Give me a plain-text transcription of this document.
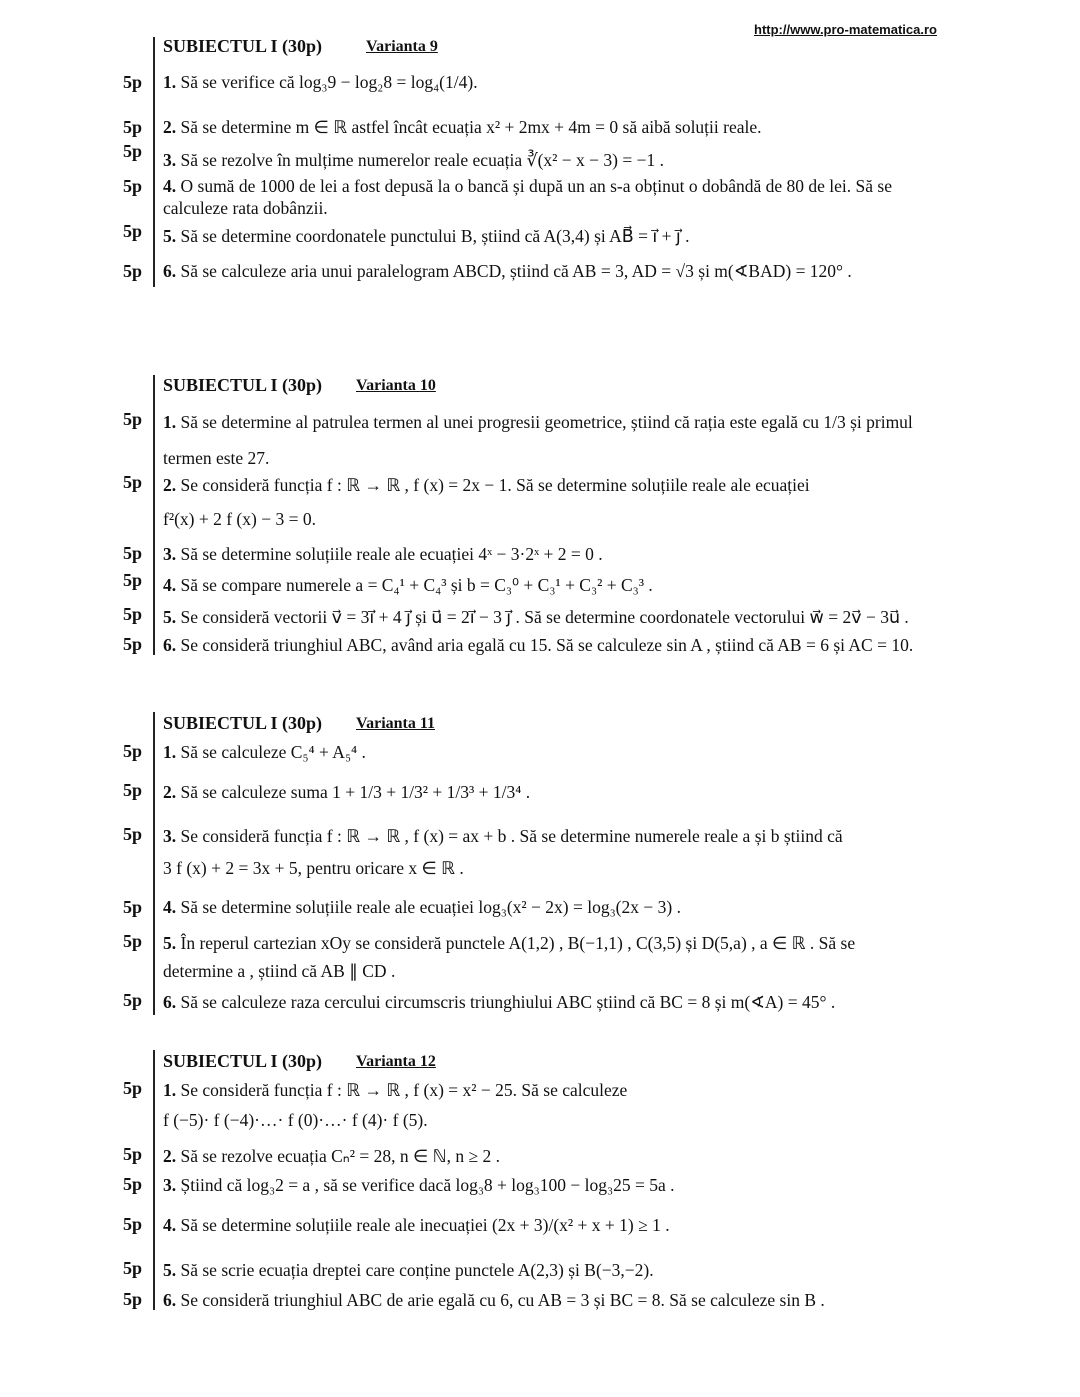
http://www.pro-matematica.ro
SUBIECTUL I (30p)	Varianta 9
5p 1. Să se verifice că log₃9 − log₂8 = log₄(1/4).
5p 2. Să se determine m ∈ ℝ astfel încât ecuația x² + 2mx + 4m = 0 să aibă soluții reale.
5p 3. Să se rezolve în mulțime numerelor reale ecuația ∛(x² − x − 3) = −1 .
5p 4. O sumă de 1000 de lei a fost depusă la o bancă și după un an s-a obținut o dobândă de 80 de lei. Să se
calculeze rata dobânzii.
5p 5. Să se determine coordonatele punctului B, știind că A(3,4) și AB⃗ = i⃗ + j⃗ .
5p 6. Să se calculeze aria unui paralelogram ABCD, știind că AB = 3, AD = √3 și m(∢BAD) = 120° .
SUBIECTUL I (30p) Varianta 10
5p 1. Să se determine al patrulea termen al unei progresii geometrice, știind că rația este egală cu 1/3 și primul
termen este 27.
5p 2. Se consideră funcția f : ℝ → ℝ , f (x) = 2x − 1. Să se determine soluțiile reale ale ecuației
f²(x) + 2 f (x) − 3 = 0.
5p 3. Să se determine soluțiile reale ale ecuației 4ˣ − 3·2ˣ + 2 = 0 .
5p 4. Să se compare numerele a = C₄¹ + C₄³ și b = C₃⁰ + C₃¹ + C₃² + C₃³ .
5p 5. Se consideră vectorii v⃗ = 3i⃗ + 4 j⃗ și u⃗ = 2i⃗ − 3 j⃗ . Să se determine coordonatele vectorului w⃗ = 2v⃗ − 3u⃗ .
5p 6. Se consideră triunghiul ABC, având aria egală cu 15. Să se calculeze sin A , știind că AB = 6 și AC = 10.
SUBIECTUL I (30p) Varianta 11
5p 1. Să se calculeze C₅⁴ + A₅⁴ .
5p 2. Să se calculeze suma 1 + 1/3 + 1/3² + 1/3³ + 1/3⁴ .
5p 3. Se consideră funcția f : ℝ → ℝ , f (x) = ax + b . Să se determine numerele reale a și b știind că
3 f (x) + 2 = 3x + 5, pentru oricare x ∈ ℝ .
5p 4. Să se determine soluțiile reale ale ecuației log₃(x² − 2x) = log₃(2x − 3) .
5p 5. În reperul cartezian xOy se consideră punctele A(1,2) , B(−1,1) , C(3,5) și D(5,a) , a ∈ ℝ . Să se
determine a , știind că AB ∥ CD .
5p 6. Să se calculeze raza cercului circumscris triunghiului ABC știind că BC = 8 și m(∢A) = 45° .
SUBIECTUL I (30p) Varianta 12
5p 1. Se consideră funcția f : ℝ → ℝ , f (x) = x² − 25. Să se calculeze
f (−5)· f (−4)·…· f (0)·…· f (4)· f (5).
5p 2. Să se rezolve ecuația Cₙ² = 28, n ∈ ℕ, n ≥ 2 .
5p 3. Știind că log₃2 = a , să se verifice dacă log₃8 + log₃100 − log₃25 = 5a .
5p 4. Să se determine soluțiile reale ale inecuației (2x + 3)/(x² + x + 1) ≥ 1 .
5p 5. Să se scrie ecuația dreptei care conține punctele A(2,3) și B(−3,−2).
5p 6. Se consideră triunghiul ABC de arie egală cu 6, cu AB = 3 și BC = 8. Să se calculeze sin B .
